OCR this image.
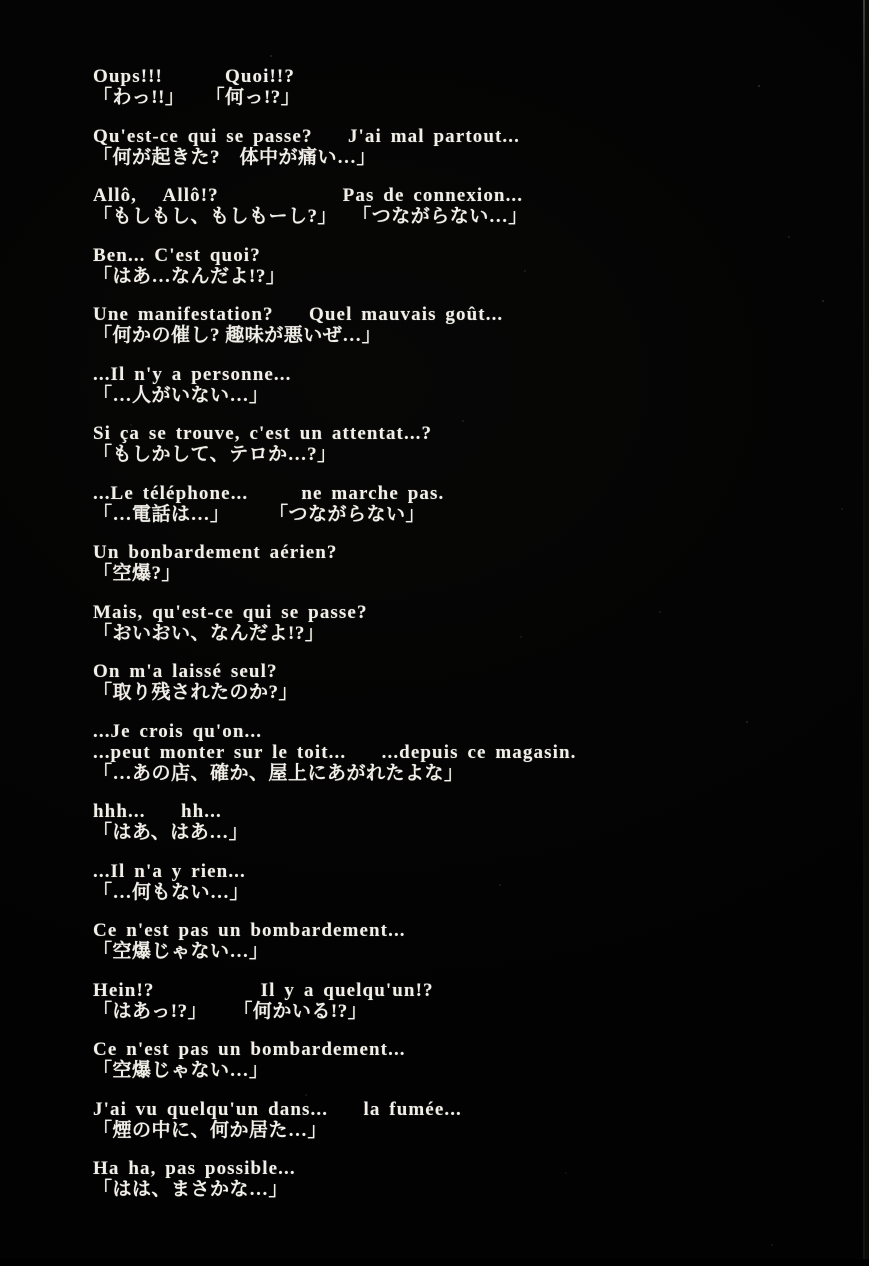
Oups!!!       Quoi!!?
「わっ!!」    「何っ!?」
Qu'est-ce qui se passe?    J'ai mal partout...
「何が起きた?　体中が痛い…」
Allô,   Allô!?              Pas de connexion...
「もしもし、もしもーし?」　 「つながらない…」
Ben... C'est quoi?
「はあ…なんだよ!?」
Une manifestation?    Quel mauvais goût...
「何かの催し? 趣味が悪いぜ…」
...Il n'y a personne...
「…人がいない…」
Si ça se trouve, c'est un attentat...?
「もしかして、テロか…?」
...Le téléphone...      ne marche pas.
「…電話は…」　　　「つながらない」
Un bonbardement aérien?
「空爆?」
Mais, qu'est-ce qui se passe?
「おいおい、なんだよ!?」
On m'a laissé seul?
「取り残されたのか?」
...Je crois qu'on...
...peut monter sur le toit...    ...depuis ce magasin.
「…あの店、確か、屋上にあがれたよな」
hhh...    hh...
「はあ、はあ…」
...Il n'a y rien...
「…何もない…」
Ce n'est pas un bombardement...
「空爆じゃない…」
Hein!?            Il y a quelqu'un!?
「はあっ!?」     「何かいる!?」
Ce n'est pas un bombardement...
「空爆じゃない…」
J'ai vu quelqu'un dans...    la fumée...
「煙の中に、何か居た…」
Ha ha, pas possible...
「はは、まさかな…」
